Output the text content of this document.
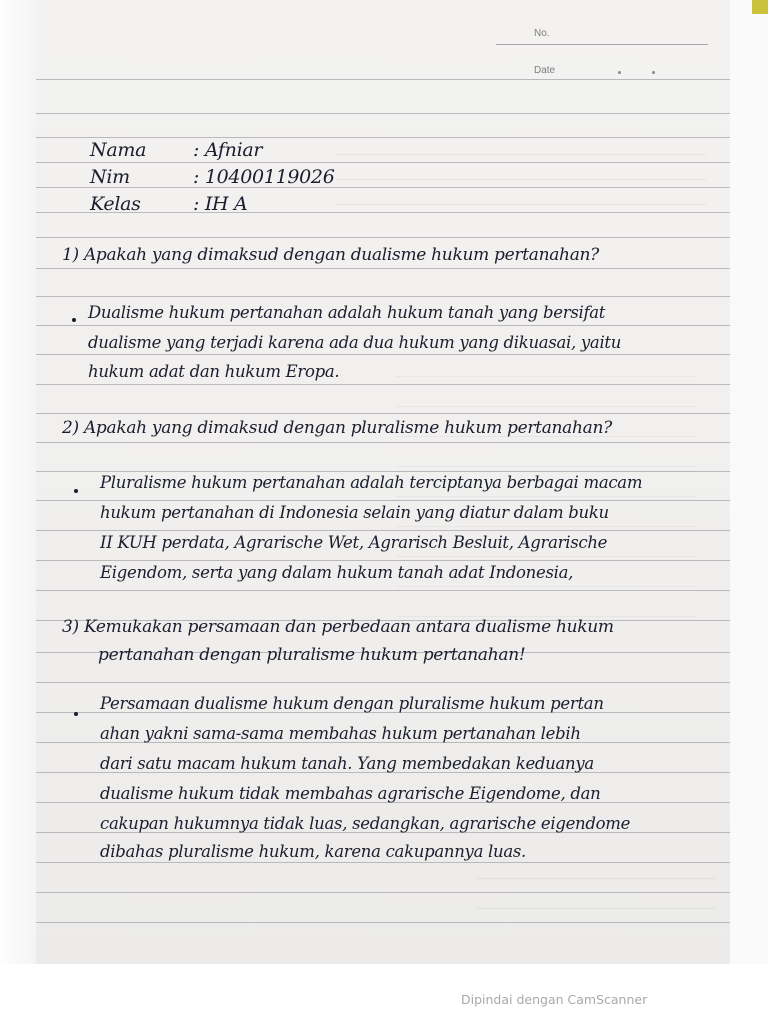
No.
Date
Nama : Afniar
Nim	: 10400119026
Kelas	: IH A
1) Apakah yang dimaksud dengan dualisme hukum pertanahan?
Dualisme hukum pertanahan adalah hukum tanah yang bersifat
dualisme yang terjadi karena ada dua hukum yang dikuasai, yaitu
hukum adat dan hukum Eropa.
2) Apakah yang dimaksud dengan pluralisme hukum pertanahan?
Pluralisme hukum pertanahan adalah terciptanya berbagai macam
hukum pertanahan di Indonesia selain yang diatur dalam buku
II KUH perdata, Agrarische Wet, Agrarisch Besluit, Agrarische
Eigendom, serta yang dalam hukum tanah adat Indonesia,
3) Kemukakan persamaan dan perbedaan antara dualisme hukum
pertanahan dengan pluralisme hukum pertanahan!
Persamaan dualisme hukum dengan pluralisme hukum pertan
ahan yakni sama-sama membahas hukum pertanahan lebih
dari satu macam hukum tanah. Yang membedakan keduanya
dualisme hukum tidak membahas agrarische Eigendome, dan
cakupan hukumnya tidak luas, sedangkan, agrarische eigendome
dibahas pluralisme hukum, karena cakupannya luas.
Dipindai dengan CamScanner
